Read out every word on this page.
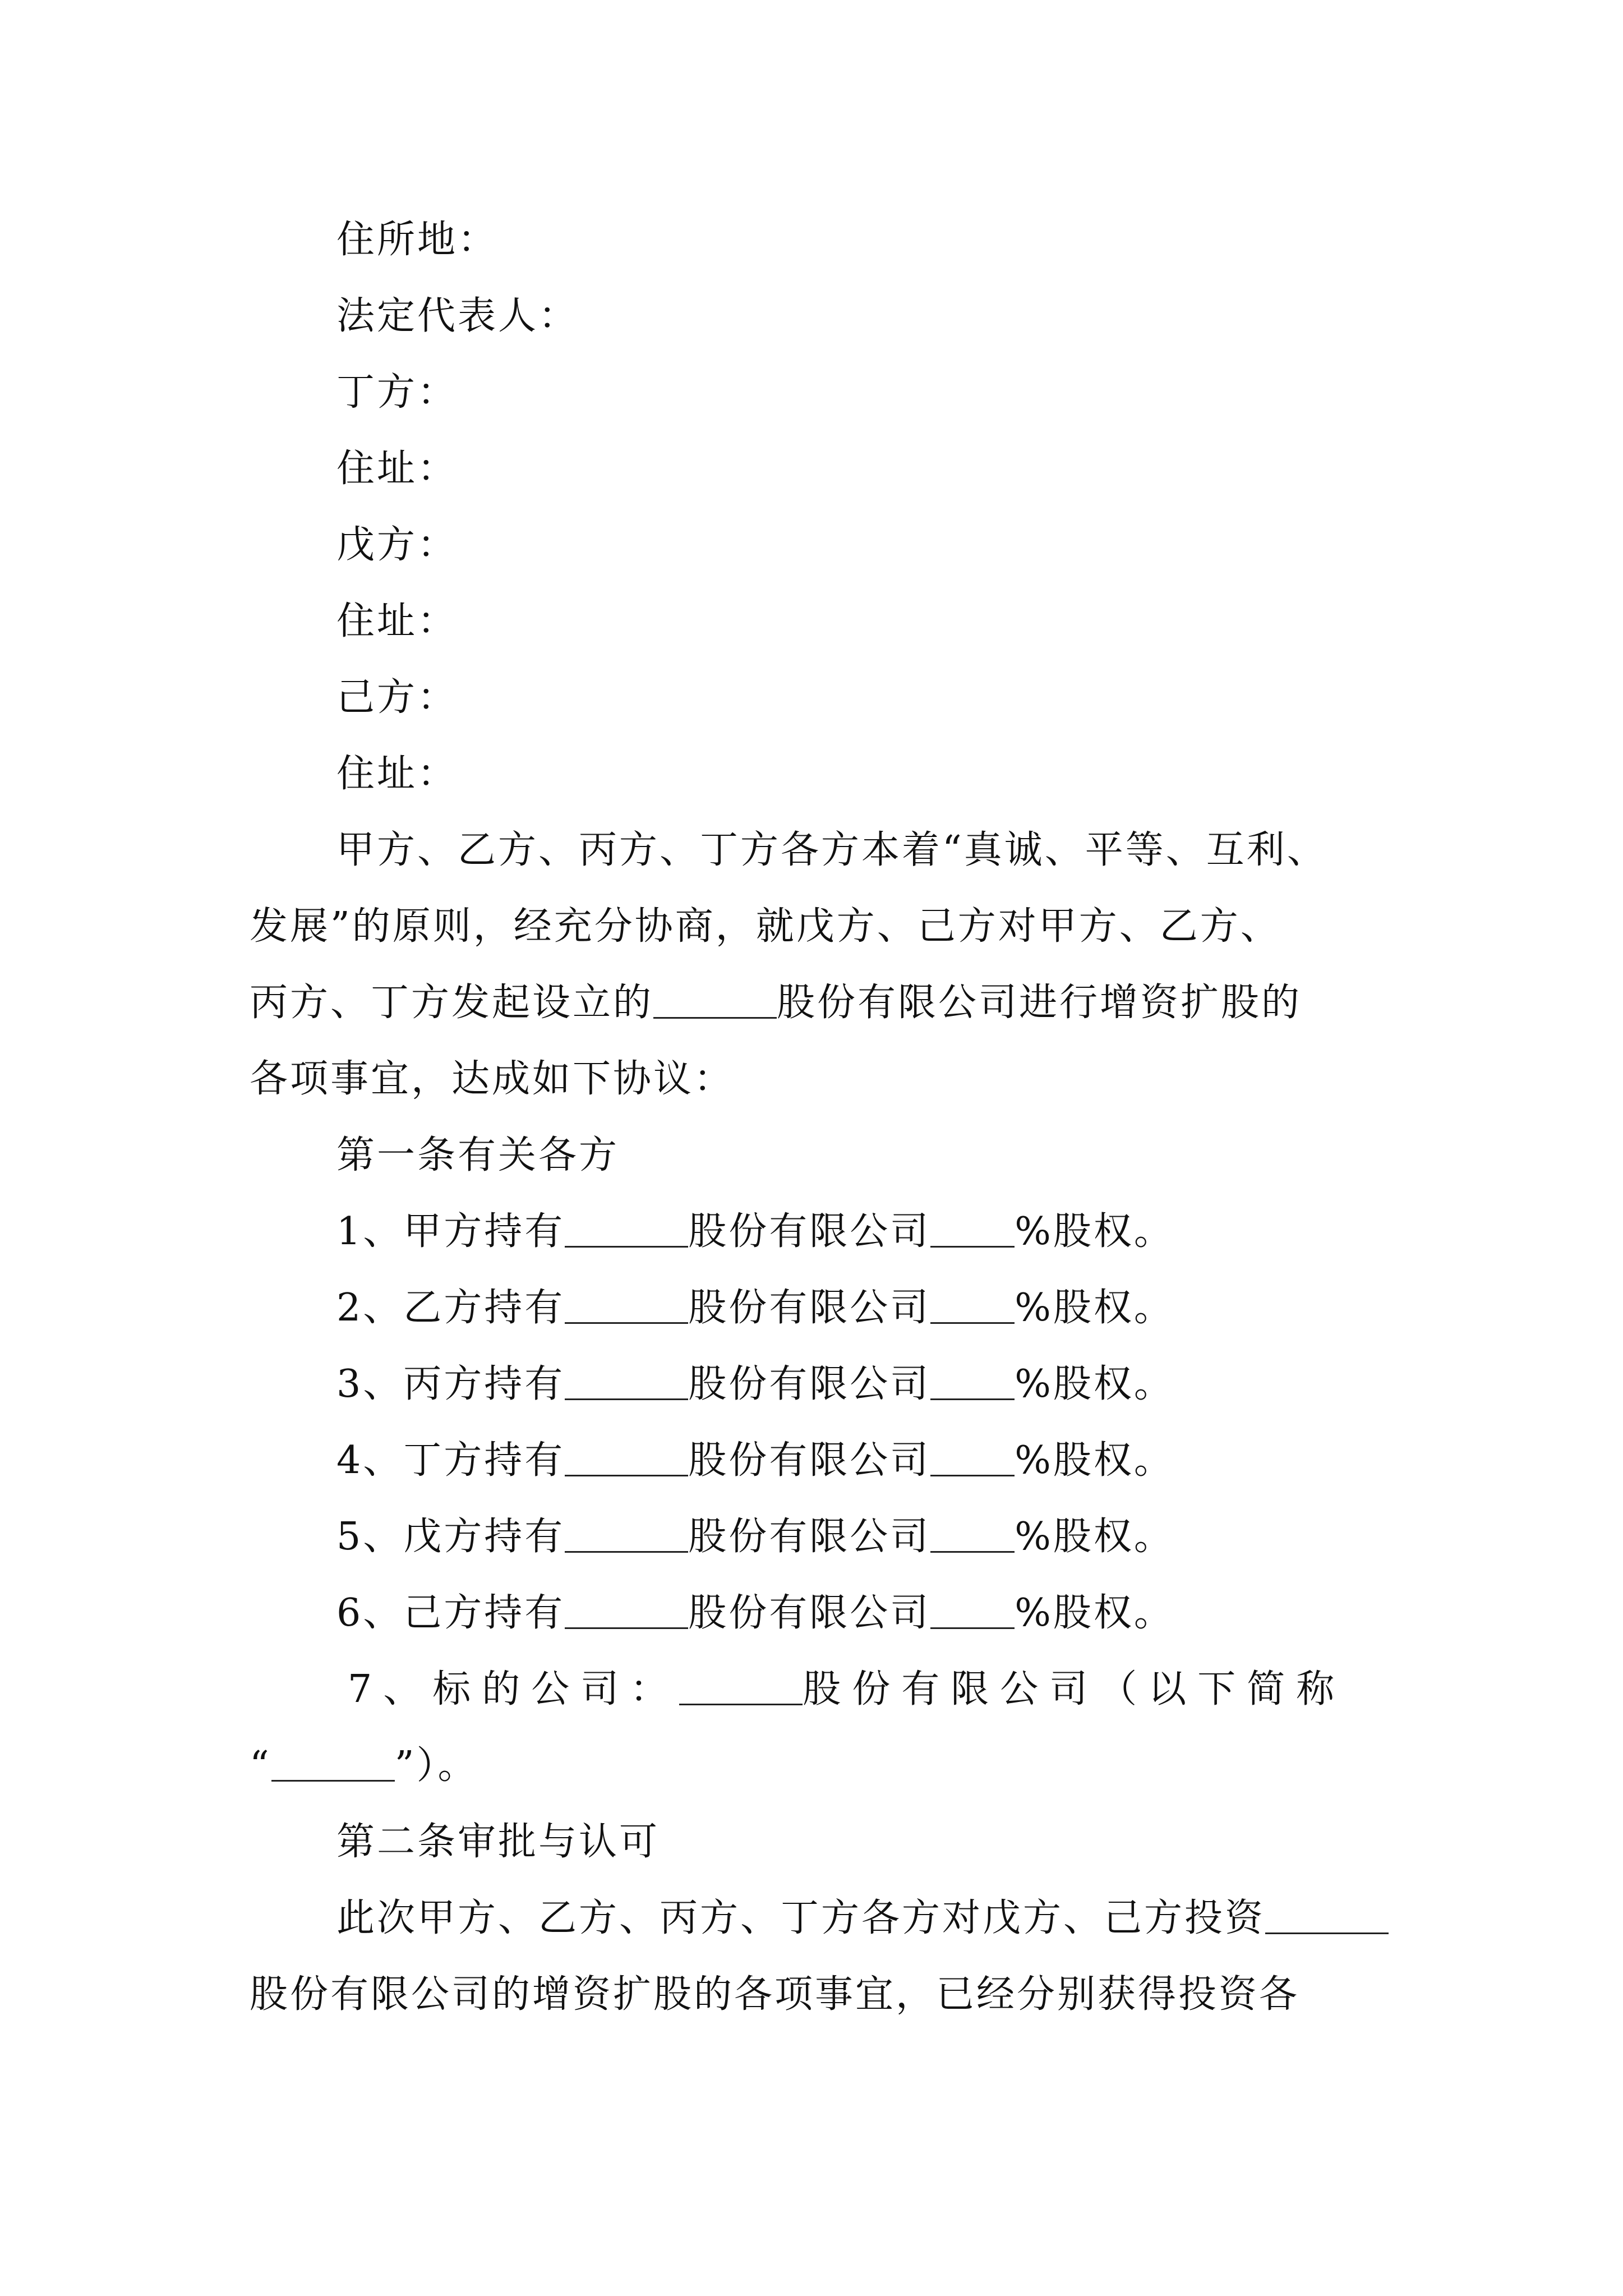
住所地：
法定代表人：
丁方：
住址：
戊方：
住址：
己方：
住址：
甲方、乙方、丙方、丁方各方本着“真诚、平等、互利、
发展”的原则，经充分协商，就戊方、己方对甲方、乙方、
丙方、丁方发起设立的	股份有限公司进行增资扩股的
各项事宜，达成如下协议：
第一条有关各方
1、甲方持有	股份有限公司 %股权。
2、乙方持有	股份有限公司 %股权。
3、丙方持有	股份有限公司 %股权。
4、丁方持有	股份有限公司 %股权。
5、戊方持有	股份有限公司 %股权。
6、己方持有	股份有限公司 %股权。
7、标的公司：	股份有限公司（以下简称
“	”）。
第二条审批与认可
此次甲方、乙方、丙方、丁方各方对戊方、己方投资
股份有限公司的增资扩股的各项事宜，已经分别获得投资各
